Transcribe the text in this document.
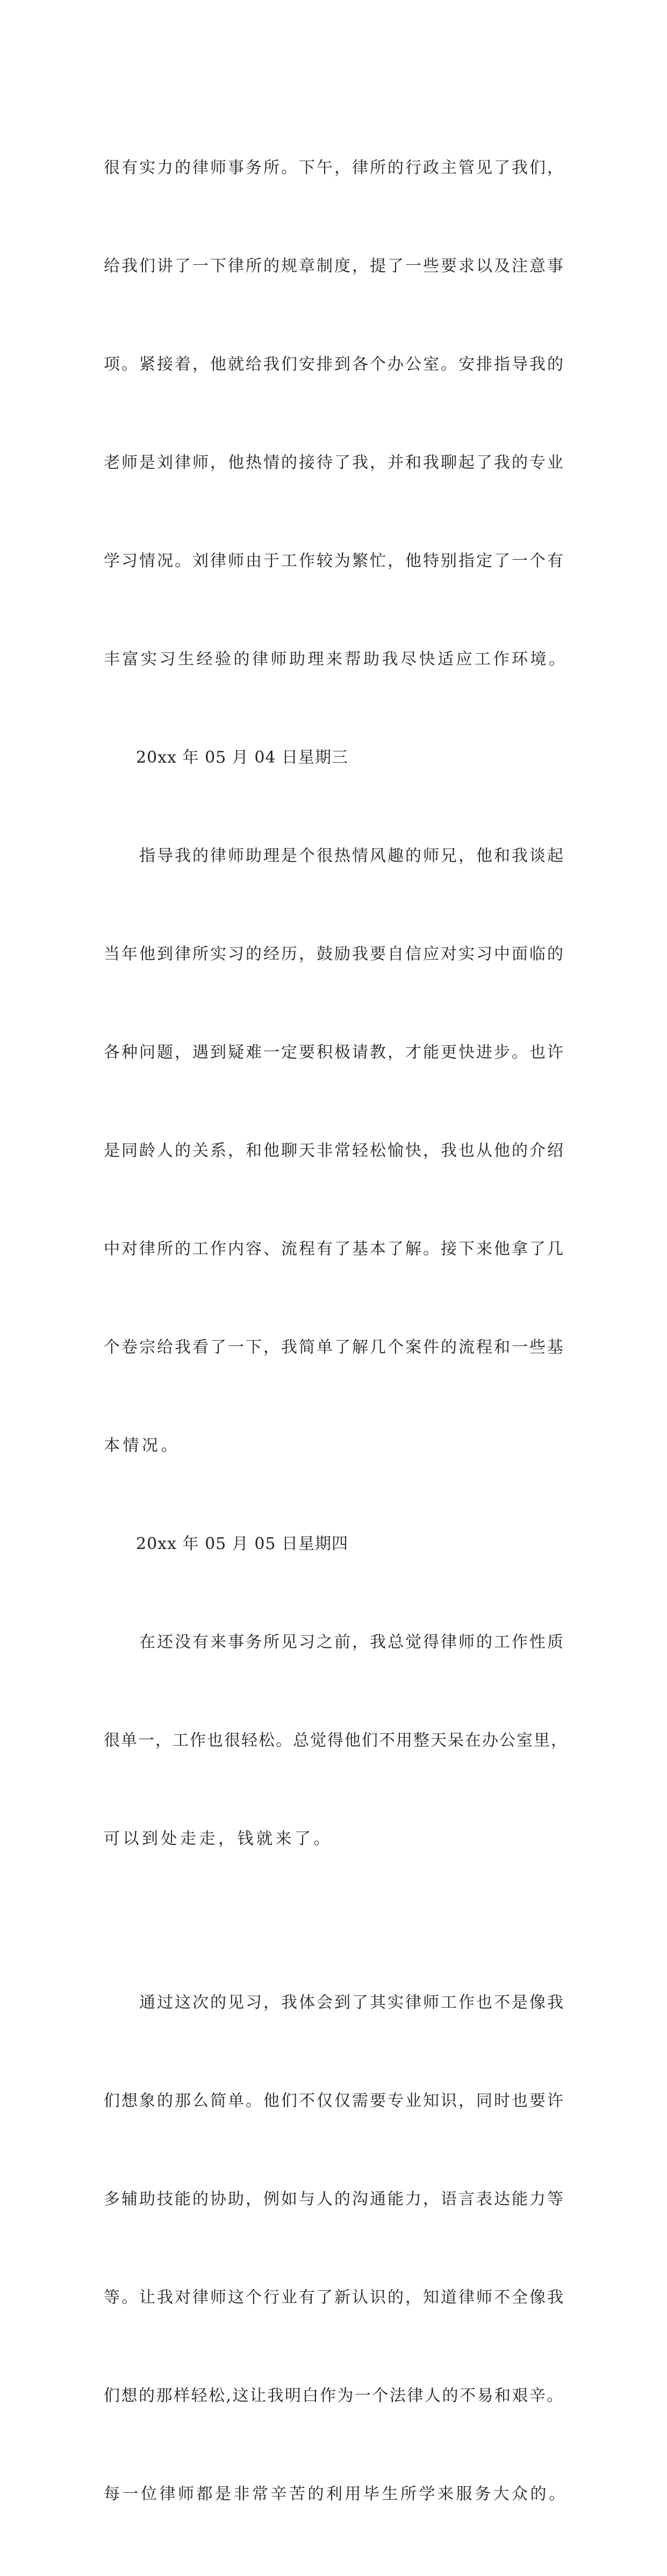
很有实力的律师事务所。下午，律所的行政主管见了我们，

给我们讲了一下律所的规章制度，提了一些要求以及注意事

项。紧接着，他就给我们安排到各个办公室。安排指导我的

老师是刘律师，他热情的接待了我，并和我聊起了我的专业

学习情况。刘律师由于工作较为繁忙，他特别指定了一个有

丰富实习生经验的律师助理来帮助我尽快适应工作环境。

20xx 年 05 月 04 日星期三

　　指导我的律师助理是个很热情风趣的师兄，他和我谈起

当年他到律所实习的经历，鼓励我要自信应对实习中面临的

各种问题，遇到疑难一定要积极请教，才能更快进步。也许

是同龄人的关系，和他聊天非常轻松愉快，我也从他的介绍

中对律所的工作内容、流程有了基本了解。接下来他拿了几

个卷宗给我看了一下，我简单了解几个案件的流程和一些基

本情况。

20xx 年 05 月 05 日星期四

　　在还没有来事务所见习之前，我总觉得律师的工作性质

很单一，工作也很轻松。总觉得他们不用整天呆在办公室里，

可以到处走走，钱就来了。

　　通过这次的见习，我体会到了其实律师工作也不是像我

们想象的那么简单。他们不仅仅需要专业知识，同时也要许

多辅助技能的协助，例如与人的沟通能力，语言表达能力等

等。让我对律师这个行业有了新认识的，知道律师不全像我

们想的那样轻松,这让我明白作为一个法律人的不易和艰辛。

每一位律师都是非常辛苦的利用毕生所学来服务大众的。
